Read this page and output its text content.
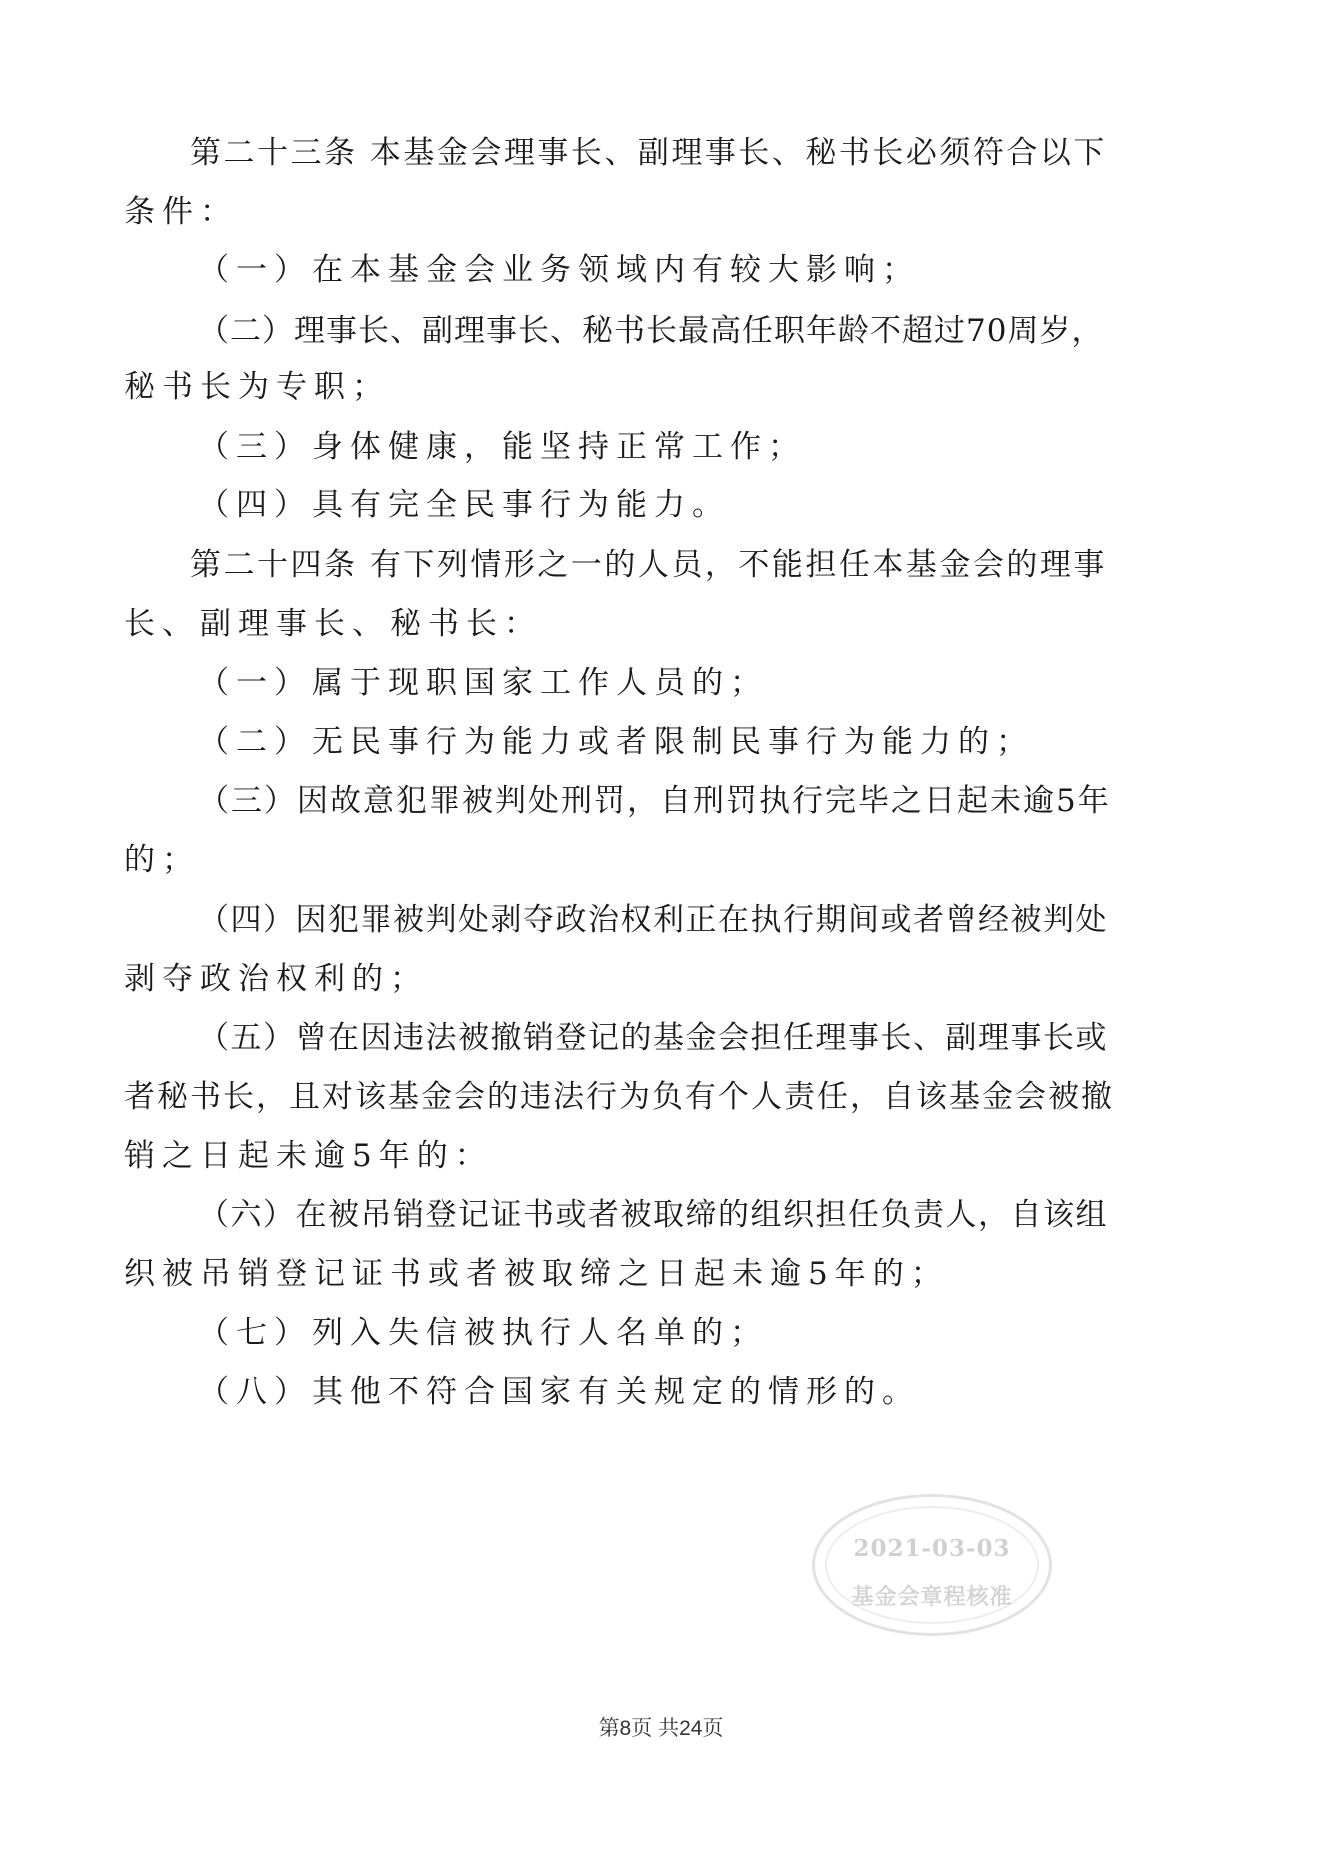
第二十三条 本基金会理事长、副理事长、秘书长必须符合以下
条件：
（一）在本基金会业务领域内有较大影响；
（二）理事长、副理事长、秘书长最高任职年龄不超过70周岁，
秘书长为专职；
（三）身体健康，能坚持正常工作；
（四）具有完全民事行为能力。
第二十四条 有下列情形之一的人员，不能担任本基金会的理事
长、副理事长、秘书长：
（一）属于现职国家工作人员的；
（二）无民事行为能力或者限制民事行为能力的；
（三）因故意犯罪被判处刑罚，自刑罚执行完毕之日起未逾5年
的；
（四）因犯罪被判处剥夺政治权利正在执行期间或者曾经被判处
剥夺政治权利的；
（五）曾在因违法被撤销登记的基金会担任理事长、副理事长或
者秘书长，且对该基金会的违法行为负有个人责任，自该基金会被撤
销之日起未逾5年的：
（六）在被吊销登记证书或者被取缔的组织担任负责人，自该组
织被吊销登记证书或者被取缔之日起未逾5年的；
（七）列入失信被执行人名单的；
（八）其他不符合国家有关规定的情形的。
2021-03-03
基金会章程核准
第8页 共24页
